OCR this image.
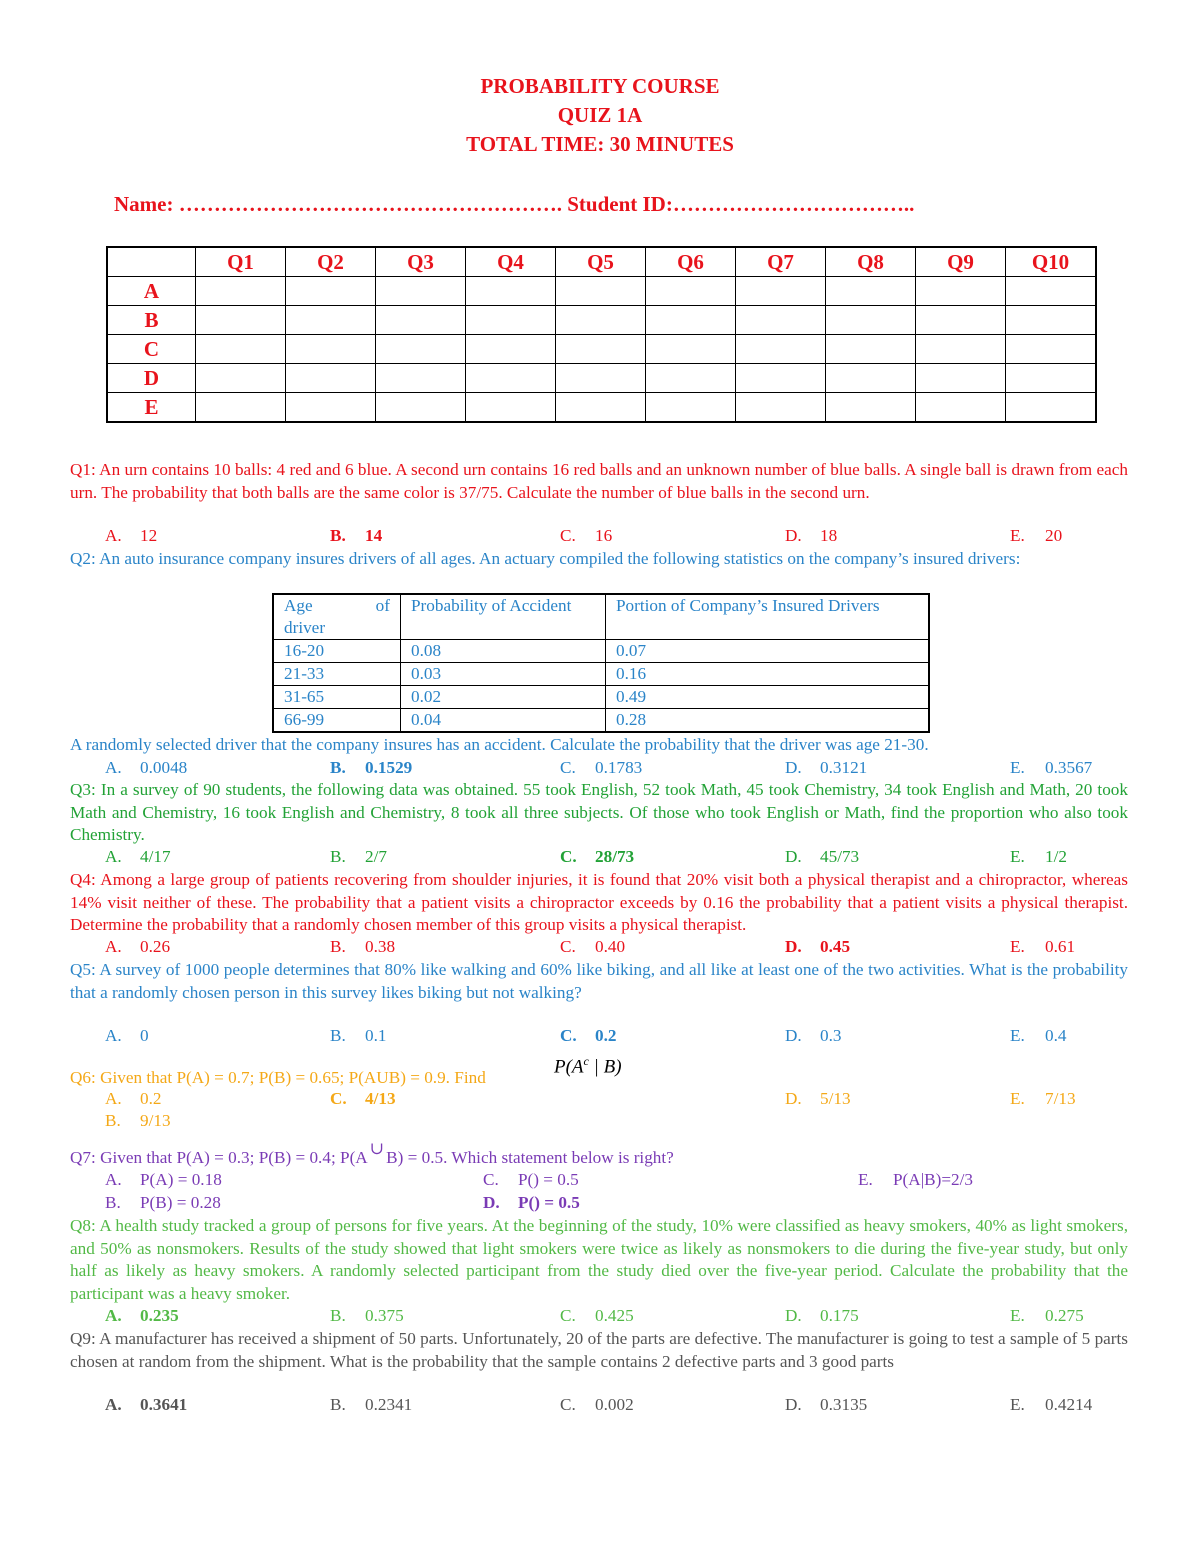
PROBABILITY COURSE
QUIZ 1A
TOTAL TIME: 30 MINUTES
Name: ………………………………………………. Student ID:……………………………..
	Q1	Q2	Q3	Q4	Q5	Q6	Q7	Q8	Q9	Q10
A										
B										
C										
D										
E										

Q1: An urn contains 10 balls: 4 red and 6 blue. A second urn contains 16 red balls and an unknown number of blue balls. A single ball is drawn from each urn. The probability that both balls are the same color is 37/75. Calculate the number of blue balls in the second urn.

A. 12	B. 14	C. 16	D. 18	E. 20

Q2: An auto insurance company insures drivers of all ages. An actuary compiled the following statistics on the company’s insured drivers:

Age of
driver	Probability of Accident	Portion of Company’s Insured Drivers
16-20	0.08	0.07
21-33	0.03	0.16
31-65	0.02	0.49
66-99	0.04	0.28

A randomly selected driver that the company insures has an accident. Calculate the probability that the driver was age 21-30.

A. 0.0048	B. 0.1529	C. 0.1783	D. 0.3121	E. 0.3567

Q3: In a survey of 90 students, the following data was obtained. 55 took English, 52 took Math, 45 took Chemistry, 34 took English and Math, 20 took Math and Chemistry, 16 took English and Chemistry, 8 took all three subjects. Of those who took English or Math, find the proportion who also took Chemistry.

A. 4/17	B. 2/7	C. 28/73	D. 45/73	E. 1/2

Q4: Among a large group of patients recovering from shoulder injuries, it is found that 20% visit both a physical therapist and a chiropractor, whereas 14% visit neither of these. The probability that a patient visits a chiropractor exceeds by 0.16 the probability that a patient visits a physical therapist. Determine the probability that a randomly chosen member of this group visits a physical therapist.

A. 0.26	B. 0.38	C. 0.40	D. 0.45	E. 0.61

Q5: A survey of 1000 people determines that 80% like walking and 60% like biking, and all like at least one of the two activities. What is the probability that a randomly chosen person in this survey likes biking but not walking?

A. 0	B. 0.1	C. 0.2	D. 0.3	E. 0.4
Q6: Given that P(A) = 0.7; P(B) = 0.65; P(AUB) = 0.9. Find
$P(A^c$ | B)
A. 0.2	C. 4/13	D. 5/13	E. 7/13
B. 9/13
Q7: Given that P(A) = 0.3; P(B) = 0.4; P(A ∪ B) = 0.5. Which statement below is right?
A. P(A) = 0.18	C. P() = 0.5	E. P(A|B)=2/3
B. P(B) = 0.28	D. P() = 0.5

Q8: A health study tracked a group of persons for five years. At the beginning of the study, 10% were classified as heavy smokers, 40% as light smokers, and 50% as nonsmokers. Results of the study showed that light smokers were twice as likely as nonsmokers to die during the five-year study, but only half as likely as heavy smokers. A randomly selected participant from the study died over the five-year period. Calculate the probability that the participant was a heavy smoker.

A. 0.235	B. 0.375	C. 0.425	D. 0.175	E. 0.275

Q9: A manufacturer has received a shipment of 50 parts. Unfortunately, 20 of the parts are defective. The manufacturer is going to test a sample of 5 parts chosen at random from the shipment. What is the probability that the sample contains 2 defective parts and 3 good parts

A. 0.3641	B. 0.2341	C. 0.002	D. 0.3135	E. 0.4214
